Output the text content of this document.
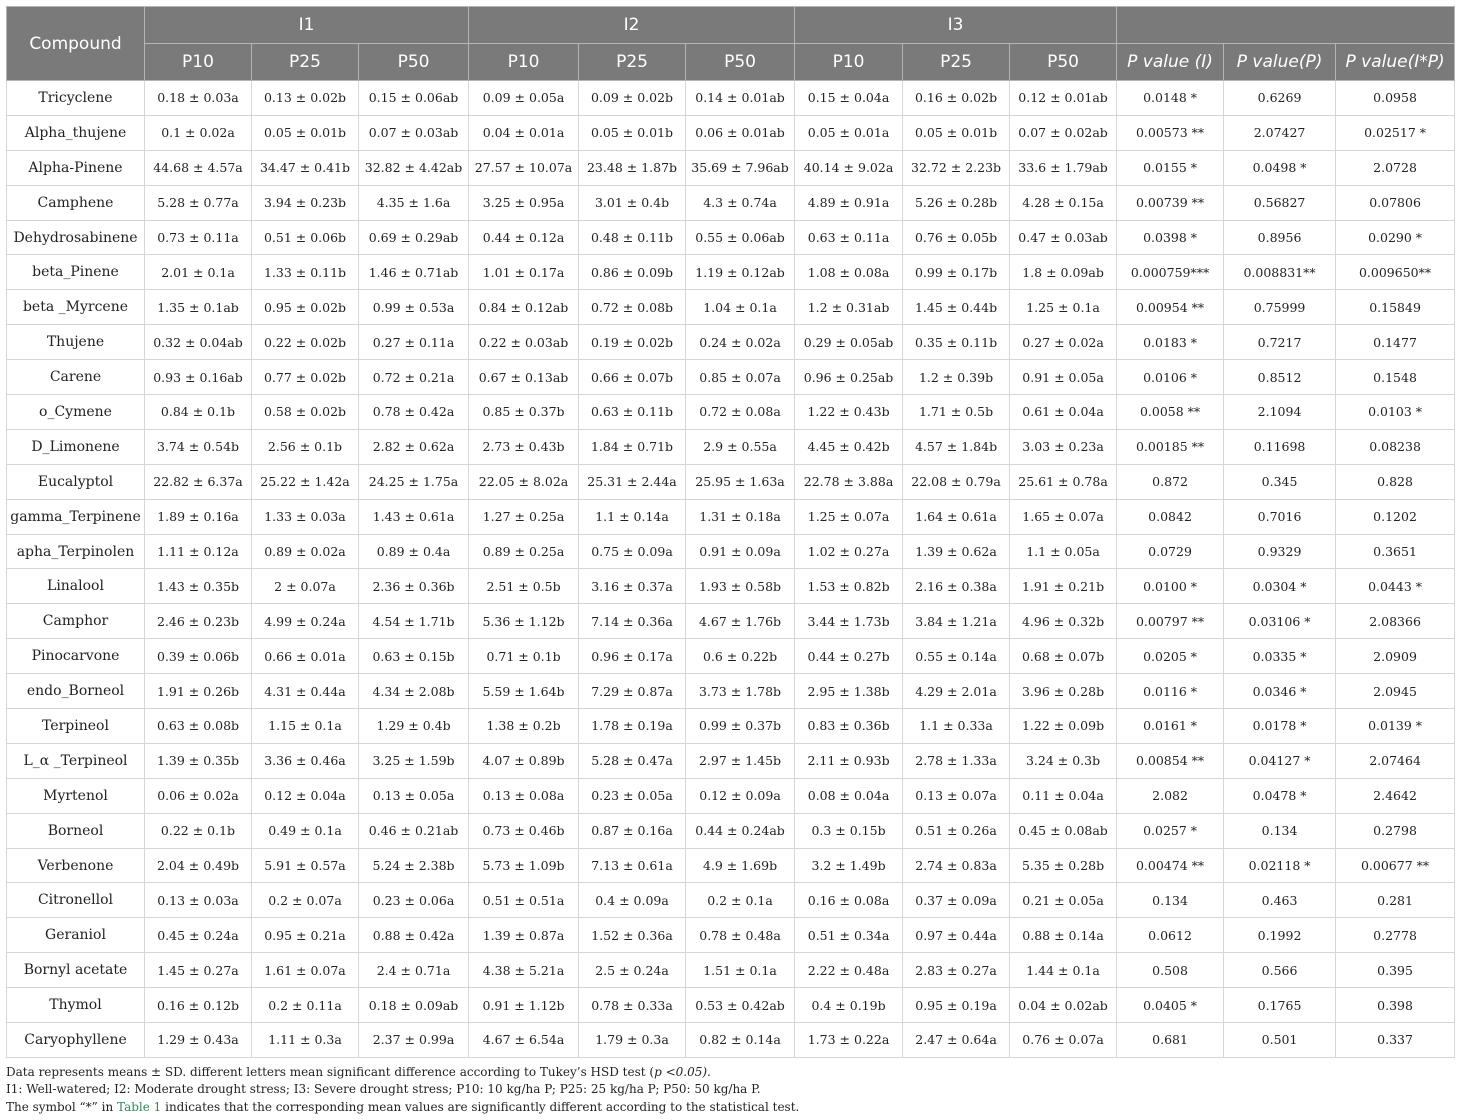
Compound	I1			I2			I3					
	P10	P25	P50	P10	P25	P50	P10	P25	P50	P value (I)	P value(P)	P value(I*P)
Tricyclene	0.18 ± 0.03a	0.13 ± 0.02b	0.15 ± 0.06ab	0.09 ± 0.05a	0.09 ± 0.02b	0.14 ± 0.01ab	0.15 ± 0.04a	0.16 ± 0.02b	0.12 ± 0.01ab	0.0148 *	0.6269	0.0958
Alpha_thujene	0.1 ± 0.02a	0.05 ± 0.01b	0.07 ± 0.03ab	0.04 ± 0.01a	0.05 ± 0.01b	0.06 ± 0.01ab	0.05 ± 0.01a	0.05 ± 0.01b	0.07 ± 0.02ab	0.00573 **	2.07427	0.02517 *
Alpha-Pinene	44.68 ± 4.57a	34.47 ± 0.41b	32.82 ± 4.42ab	27.57 ± 10.07a	23.48 ± 1.87b	35.69 ± 7.96ab	40.14 ± 9.02a	32.72 ± 2.23b	33.6 ± 1.79ab	0.0155 *	0.0498 *	2.0728
Camphene	5.28 ± 0.77a	3.94 ± 0.23b	4.35 ± 1.6a	3.25 ± 0.95a	3.01 ± 0.4b	4.3 ± 0.74a	4.89 ± 0.91a	5.26 ± 0.28b	4.28 ± 0.15a	0.00739 **	0.56827	0.07806
Dehydrosabinene	0.73 ± 0.11a	0.51 ± 0.06b	0.69 ± 0.29ab	0.44 ± 0.12a	0.48 ± 0.11b	0.55 ± 0.06ab	0.63 ± 0.11a	0.76 ± 0.05b	0.47 ± 0.03ab	0.0398 *	0.8956	0.0290 *
beta_Pinene	2.01 ± 0.1a	1.33 ± 0.11b	1.46 ± 0.71ab	1.01 ± 0.17a	0.86 ± 0.09b	1.19 ± 0.12ab	1.08 ± 0.08a	0.99 ± 0.17b	1.8 ± 0.09ab	0.000759***	0.008831**	0.009650**
beta _Myrcene	1.35 ± 0.1ab	0.95 ± 0.02b	0.99 ± 0.53a	0.84 ± 0.12ab	0.72 ± 0.08b	1.04 ± 0.1a	1.2 ± 0.31ab	1.45 ± 0.44b	1.25 ± 0.1a	0.00954 **	0.75999	0.15849
Thujene	0.32 ± 0.04ab	0.22 ± 0.02b	0.27 ± 0.11a	0.22 ± 0.03ab	0.19 ± 0.02b	0.24 ± 0.02a	0.29 ± 0.05ab	0.35 ± 0.11b	0.27 ± 0.02a	0.0183 *	0.7217	0.1477
Carene	0.93 ± 0.16ab	0.77 ± 0.02b	0.72 ± 0.21a	0.67 ± 0.13ab	0.66 ± 0.07b	0.85 ± 0.07a	0.96 ± 0.25ab	1.2 ± 0.39b	0.91 ± 0.05a	0.0106 *	0.8512	0.1548
o_Cymene	0.84 ± 0.1b	0.58 ± 0.02b	0.78 ± 0.42a	0.85 ± 0.37b	0.63 ± 0.11b	0.72 ± 0.08a	1.22 ± 0.43b	1.71 ± 0.5b	0.61 ± 0.04a	0.0058 **	2.1094	0.0103 *
D_Limonene	3.74 ± 0.54b	2.56 ± 0.1b	2.82 ± 0.62a	2.73 ± 0.43b	1.84 ± 0.71b	2.9 ± 0.55a	4.45 ± 0.42b	4.57 ± 1.84b	3.03 ± 0.23a	0.00185 **	0.11698	0.08238
Eucalyptol	22.82 ± 6.37a	25.22 ± 1.42a	24.25 ± 1.75a	22.05 ± 8.02a	25.31 ± 2.44a	25.95 ± 1.63a	22.78 ± 3.88a	22.08 ± 0.79a	25.61 ± 0.78a	0.872	0.345	0.828
gamma_Terpinene	1.89 ± 0.16a	1.33 ± 0.03a	1.43 ± 0.61a	1.27 ± 0.25a	1.1 ± 0.14a	1.31 ± 0.18a	1.25 ± 0.07a	1.64 ± 0.61a	1.65 ± 0.07a	0.0842	0.7016	0.1202
apha_Terpinolen	1.11 ± 0.12a	0.89 ± 0.02a	0.89 ± 0.4a	0.89 ± 0.25a	0.75 ± 0.09a	0.91 ± 0.09a	1.02 ± 0.27a	1.39 ± 0.62a	1.1 ± 0.05a	0.0729	0.9329	0.3651
Linalool	1.43 ± 0.35b	2 ± 0.07a	2.36 ± 0.36b	2.51 ± 0.5b	3.16 ± 0.37a	1.93 ± 0.58b	1.53 ± 0.82b	2.16 ± 0.38a	1.91 ± 0.21b	0.0100 *	0.0304 *	0.0443 *
Camphor	2.46 ± 0.23b	4.99 ± 0.24a	4.54 ± 1.71b	5.36 ± 1.12b	7.14 ± 0.36a	4.67 ± 1.76b	3.44 ± 1.73b	3.84 ± 1.21a	4.96 ± 0.32b	0.00797 **	0.03106 *	2.08366
Pinocarvone	0.39 ± 0.06b	0.66 ± 0.01a	0.63 ± 0.15b	0.71 ± 0.1b	0.96 ± 0.17a	0.6 ± 0.22b	0.44 ± 0.27b	0.55 ± 0.14a	0.68 ± 0.07b	0.0205 *	0.0335 *	2.0909
endo_Borneol	1.91 ± 0.26b	4.31 ± 0.44a	4.34 ± 2.08b	5.59 ± 1.64b	7.29 ± 0.87a	3.73 ± 1.78b	2.95 ± 1.38b	4.29 ± 2.01a	3.96 ± 0.28b	0.0116 *	0.0346 *	2.0945
Terpineol	0.63 ± 0.08b	1.15 ± 0.1a	1.29 ± 0.4b	1.38 ± 0.2b	1.78 ± 0.19a	0.99 ± 0.37b	0.83 ± 0.36b	1.1 ± 0.33a	1.22 ± 0.09b	0.0161 *	0.0178 *	0.0139 *
L_α _Terpineol	1.39 ± 0.35b	3.36 ± 0.46a	3.25 ± 1.59b	4.07 ± 0.89b	5.28 ± 0.47a	2.97 ± 1.45b	2.11 ± 0.93b	2.78 ± 1.33a	3.24 ± 0.3b	0.00854 **	0.04127 *	2.07464
Myrtenol	0.06 ± 0.02a	0.12 ± 0.04a	0.13 ± 0.05a	0.13 ± 0.08a	0.23 ± 0.05a	0.12 ± 0.09a	0.08 ± 0.04a	0.13 ± 0.07a	0.11 ± 0.04a	2.082	0.0478 *	2.4642
Borneol	0.22 ± 0.1b	0.49 ± 0.1a	0.46 ± 0.21ab	0.73 ± 0.46b	0.87 ± 0.16a	0.44 ± 0.24ab	0.3 ± 0.15b	0.51 ± 0.26a	0.45 ± 0.08ab	0.0257 *	0.134	0.2798
Verbenone	2.04 ± 0.49b	5.91 ± 0.57a	5.24 ± 2.38b	5.73 ± 1.09b	7.13 ± 0.61a	4.9 ± 1.69b	3.2 ± 1.49b	2.74 ± 0.83a	5.35 ± 0.28b	0.00474 **	0.02118 *	0.00677 **
Citronellol	0.13 ± 0.03a	0.2 ± 0.07a	0.23 ± 0.06a	0.51 ± 0.51a	0.4 ± 0.09a	0.2 ± 0.1a	0.16 ± 0.08a	0.37 ± 0.09a	0.21 ± 0.05a	0.134	0.463	0.281
Geraniol	0.45 ± 0.24a	0.95 ± 0.21a	0.88 ± 0.42a	1.39 ± 0.87a	1.52 ± 0.36a	0.78 ± 0.48a	0.51 ± 0.34a	0.97 ± 0.44a	0.88 ± 0.14a	0.0612	0.1992	0.2778
Bornyl acetate	1.45 ± 0.27a	1.61 ± 0.07a	2.4 ± 0.71a	4.38 ± 5.21a	2.5 ± 0.24a	1.51 ± 0.1a	2.22 ± 0.48a	2.83 ± 0.27a	1.44 ± 0.1a	0.508	0.566	0.395
Thymol	0.16 ± 0.12b	0.2 ± 0.11a	0.18 ± 0.09ab	0.91 ± 1.12b	0.78 ± 0.33a	0.53 ± 0.42ab	0.4 ± 0.19b	0.95 ± 0.19a	0.04 ± 0.02ab	0.0405 *	0.1765	0.398
Caryophyllene	1.29 ± 0.43a	1.11 ± 0.3a	2.37 ± 0.99a	4.67 ± 6.54a	1.79 ± 0.3a	0.82 ± 0.14a	1.73 ± 0.22a	2.47 ± 0.64a	0.76 ± 0.07a	0.681	0.501	0.337
Data represents means ± SD. different letters mean significant difference according to Tukey’s HSD test (p <0.05).
I1: Well-watered; I2: Moderate drought stress; I3: Severe drought stress; P10: 10 kg/ha P; P25: 25 kg/ha P; P50: 50 kg/ha P.
The symbol “*” in Table 1 indicates that the corresponding mean values are significantly different according to the statistical test.
